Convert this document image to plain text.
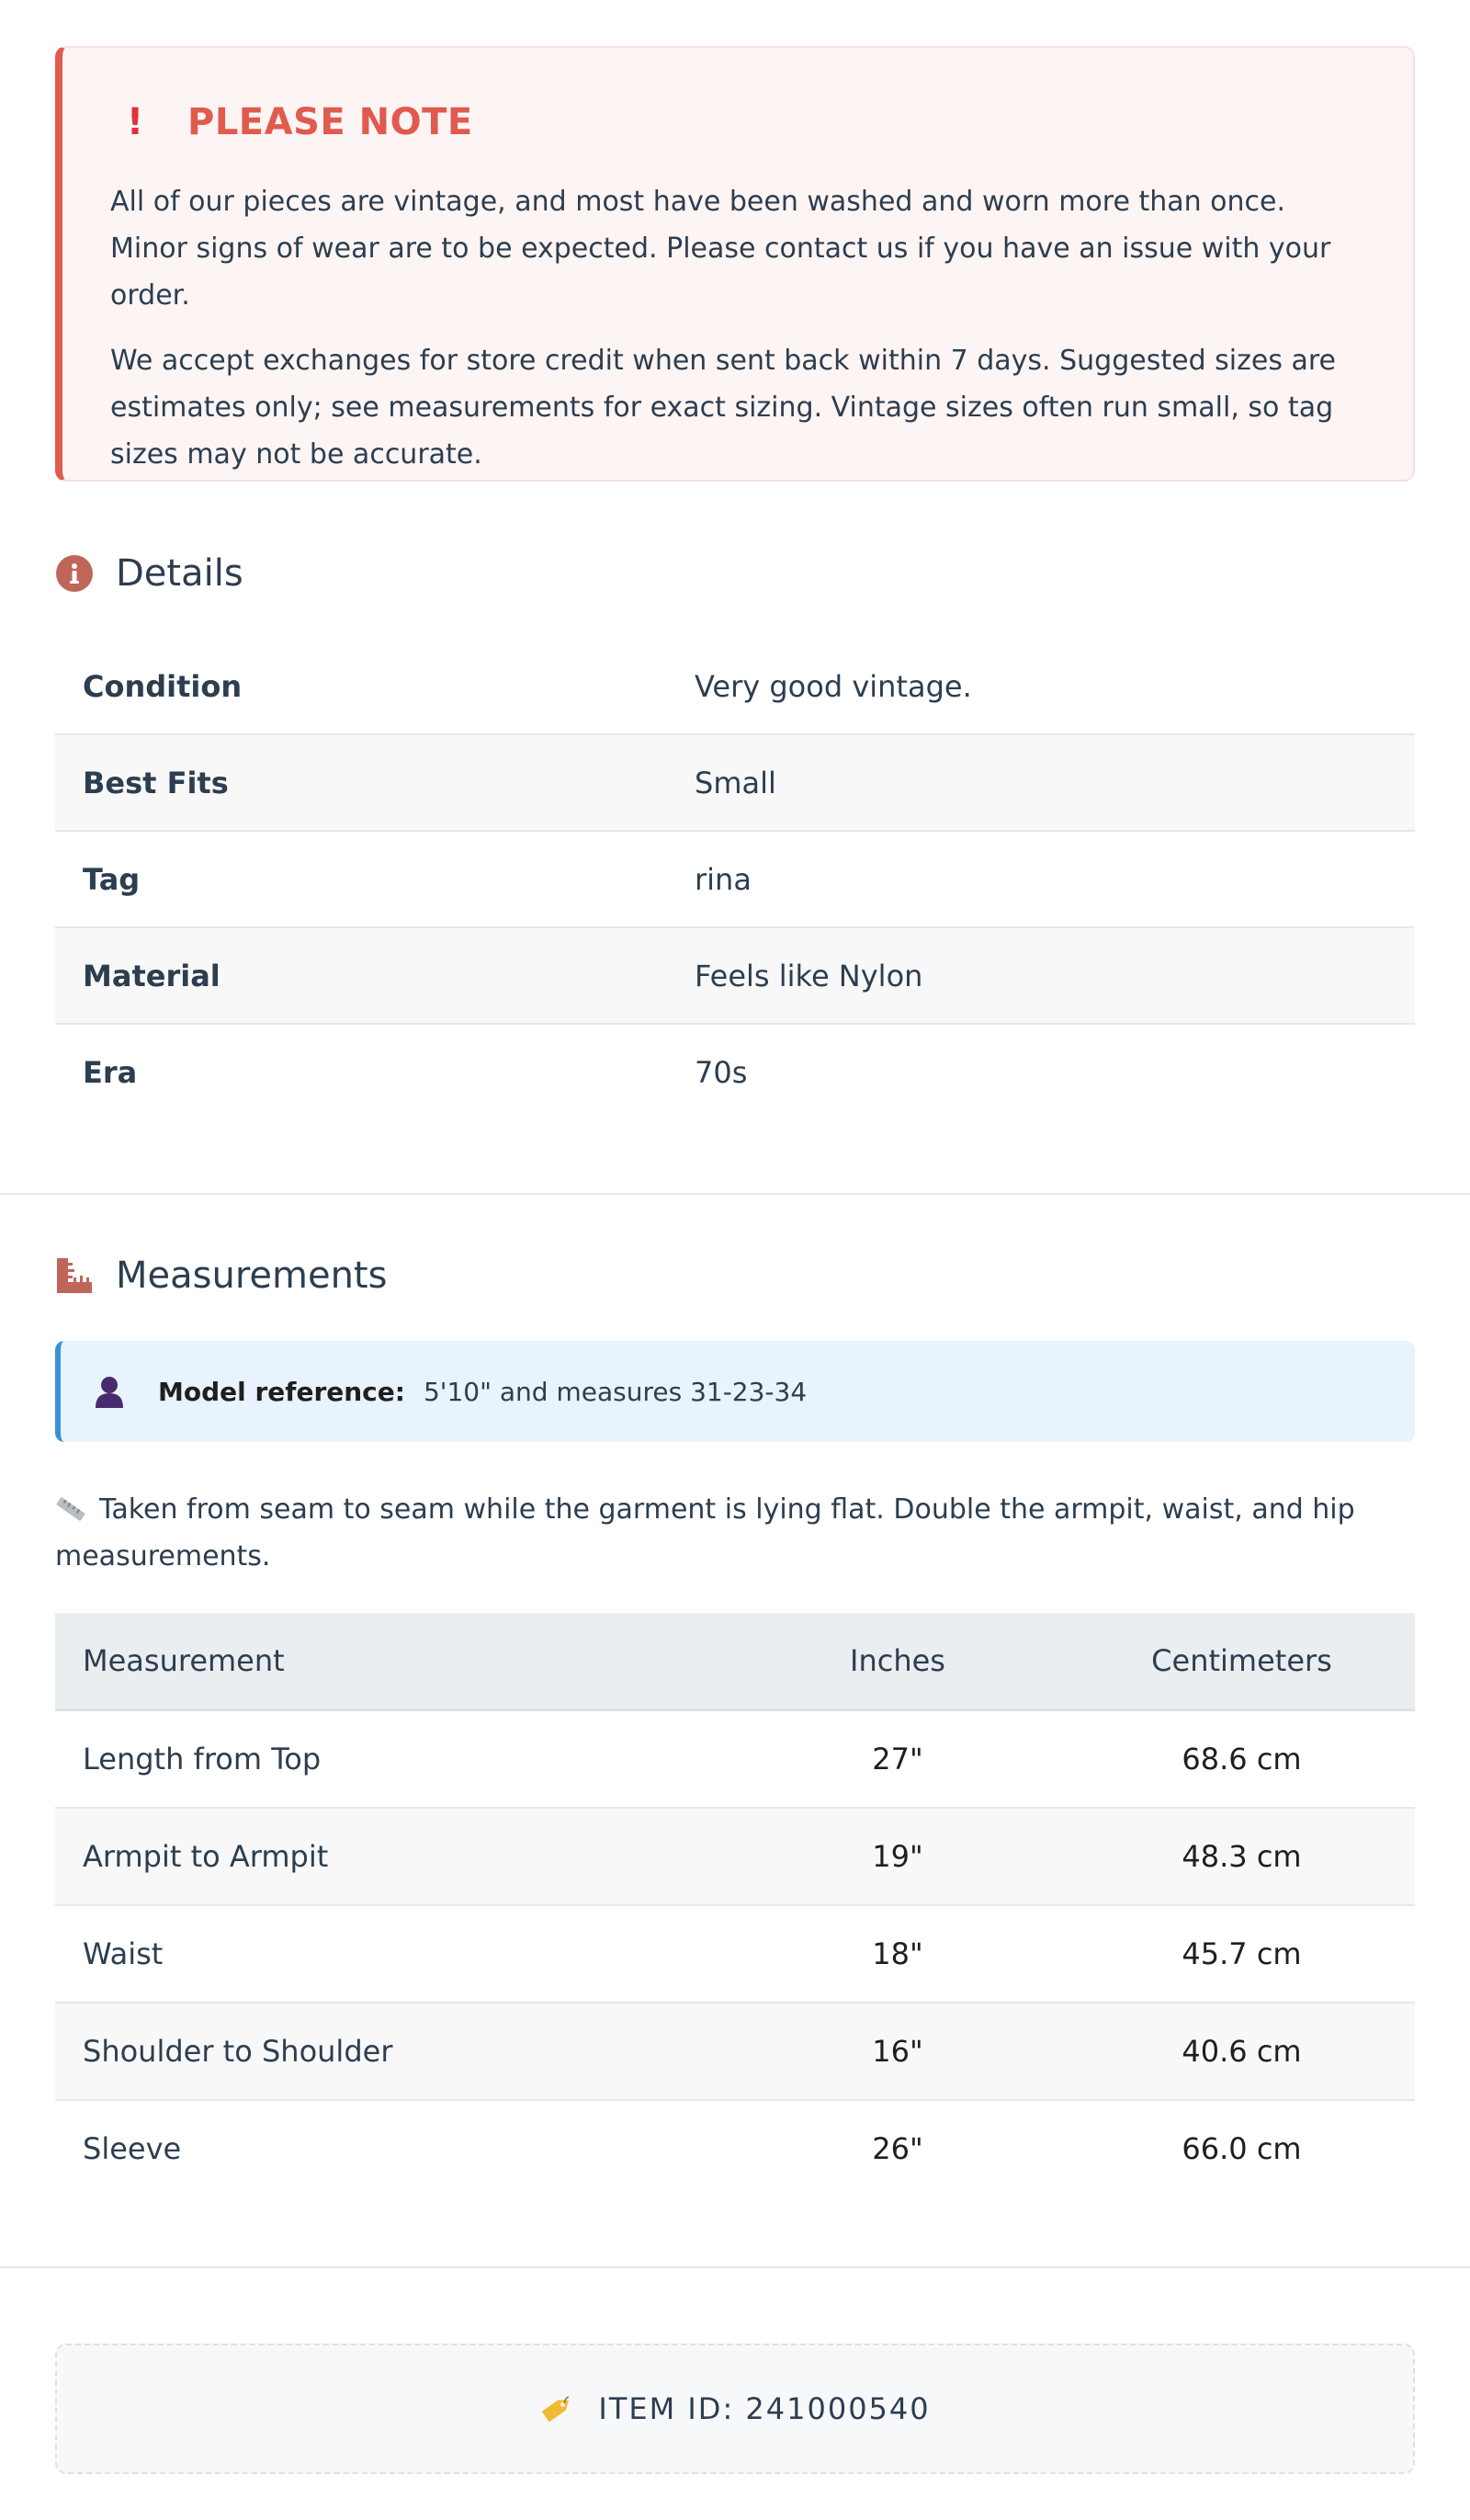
! PLEASE NOTE

All of our pieces are vintage, and most have been washed and worn more than once. Minor signs of wear are to be expected. Please contact us if you have an issue with your order.

We accept exchanges for store credit when sent back within 7 days. Suggested sizes are estimates only; see measurements for exact sizing. Vintage sizes often run small, so tag sizes may not be accurate.

Details
Condition	Very good vintage.
Best Fits	Small
Tag	rina
Material	Feels like Nylon
Era	70s
Measurements
Model reference: 5'10" and measures 31-23-34
Taken from seam to seam while the garment is lying flat. Double the armpit, waist, and hip measurements.
Measurement	Inches	Centimeters
Length from Top	27"	68.6 cm
Armpit to Armpit	19"	48.3 cm
Waist	18"	45.7 cm
Shoulder to Shoulder	16"	40.6 cm
Sleeve	26"	66.0 cm
ITEM ID: 241000540
